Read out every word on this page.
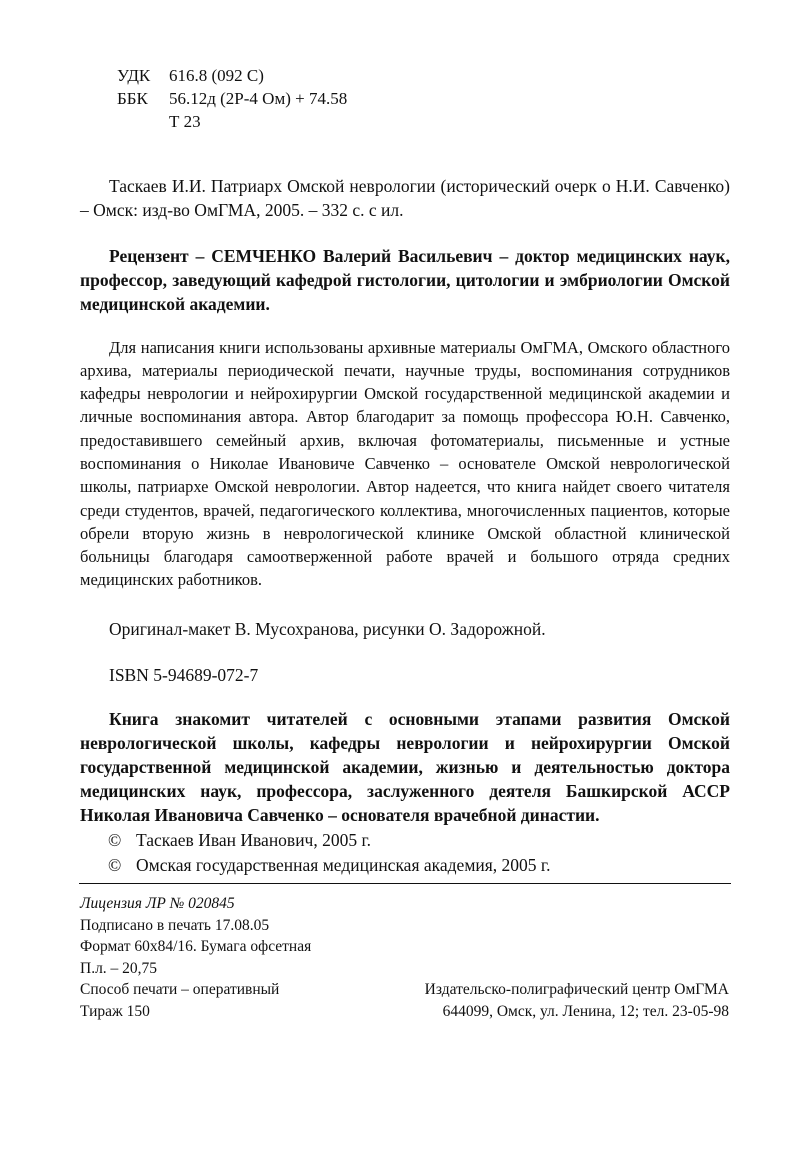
УДК	616.8 (092 С)
ББК	56.12д (2Р-4 Ом) + 74.58
Т 23

Таскаев И.И. Патриарх Омской неврологии (исторический очерк о Н.И. Савченко) – Омск: изд-во ОмГМА, 2005. – 332 с. с ил.

Рецензент – СЕМЧЕНКО Валерий Васильевич – доктор медицинских наук, профессор, заведующий кафедрой гистологии, цитологии и эмбриологии Омской медицинской академии.

Для написания книги использованы архивные материалы ОмГМА, Омского областного архива, материалы периодической печати, научные труды, воспоминания сотрудников кафедры неврологии и нейрохирургии Омской государственной медицинской академии и личные воспоминания автора. Автор благодарит за помощь профессора Ю.Н. Савченко, предоставившего семейный архив, включая фотоматериалы, письменные и устные воспоминания о Николае Ивановиче Савченко – основателе Омской неврологической школы, патриархе Омской неврологии. Автор надеется, что книга найдет своего читателя среди студентов, врачей, педагогического коллектива, многочисленных пациентов, которые обрели вторую жизнь в неврологической клинике Омской областной клинической больницы благодаря самоотверженной работе врачей и большого отряда средних медицинских работников.

Оригинал-макет В. Мусохранова, рисунки О. Задорожной.

ISBN 5-94689-072-7

Книга знакомит читателей с основными этапами развития Омской неврологической школы, кафедры неврологии и нейрохирургии Омской государственной медицинской академии, жизнью и деятельностью доктора медицинских наук, профессора, заслуженного деятеля Башкирской АССР Николая Ивановича Савченко – основателя врачебной династии.

© Таскаев Иван Иванович, 2005 г.
© Омская государственная медицинская академия, 2005 г.
Лицензия ЛР № 020845
Подписано в печать 17.08.05
Формат 60х84/16. Бумага офсетная
П.л. – 20,75
Способ печати – оперативный
Тираж 150
Издательско-полиграфический центр ОмГМА
644099, Омск, ул. Ленина, 12; тел. 23-05-98
